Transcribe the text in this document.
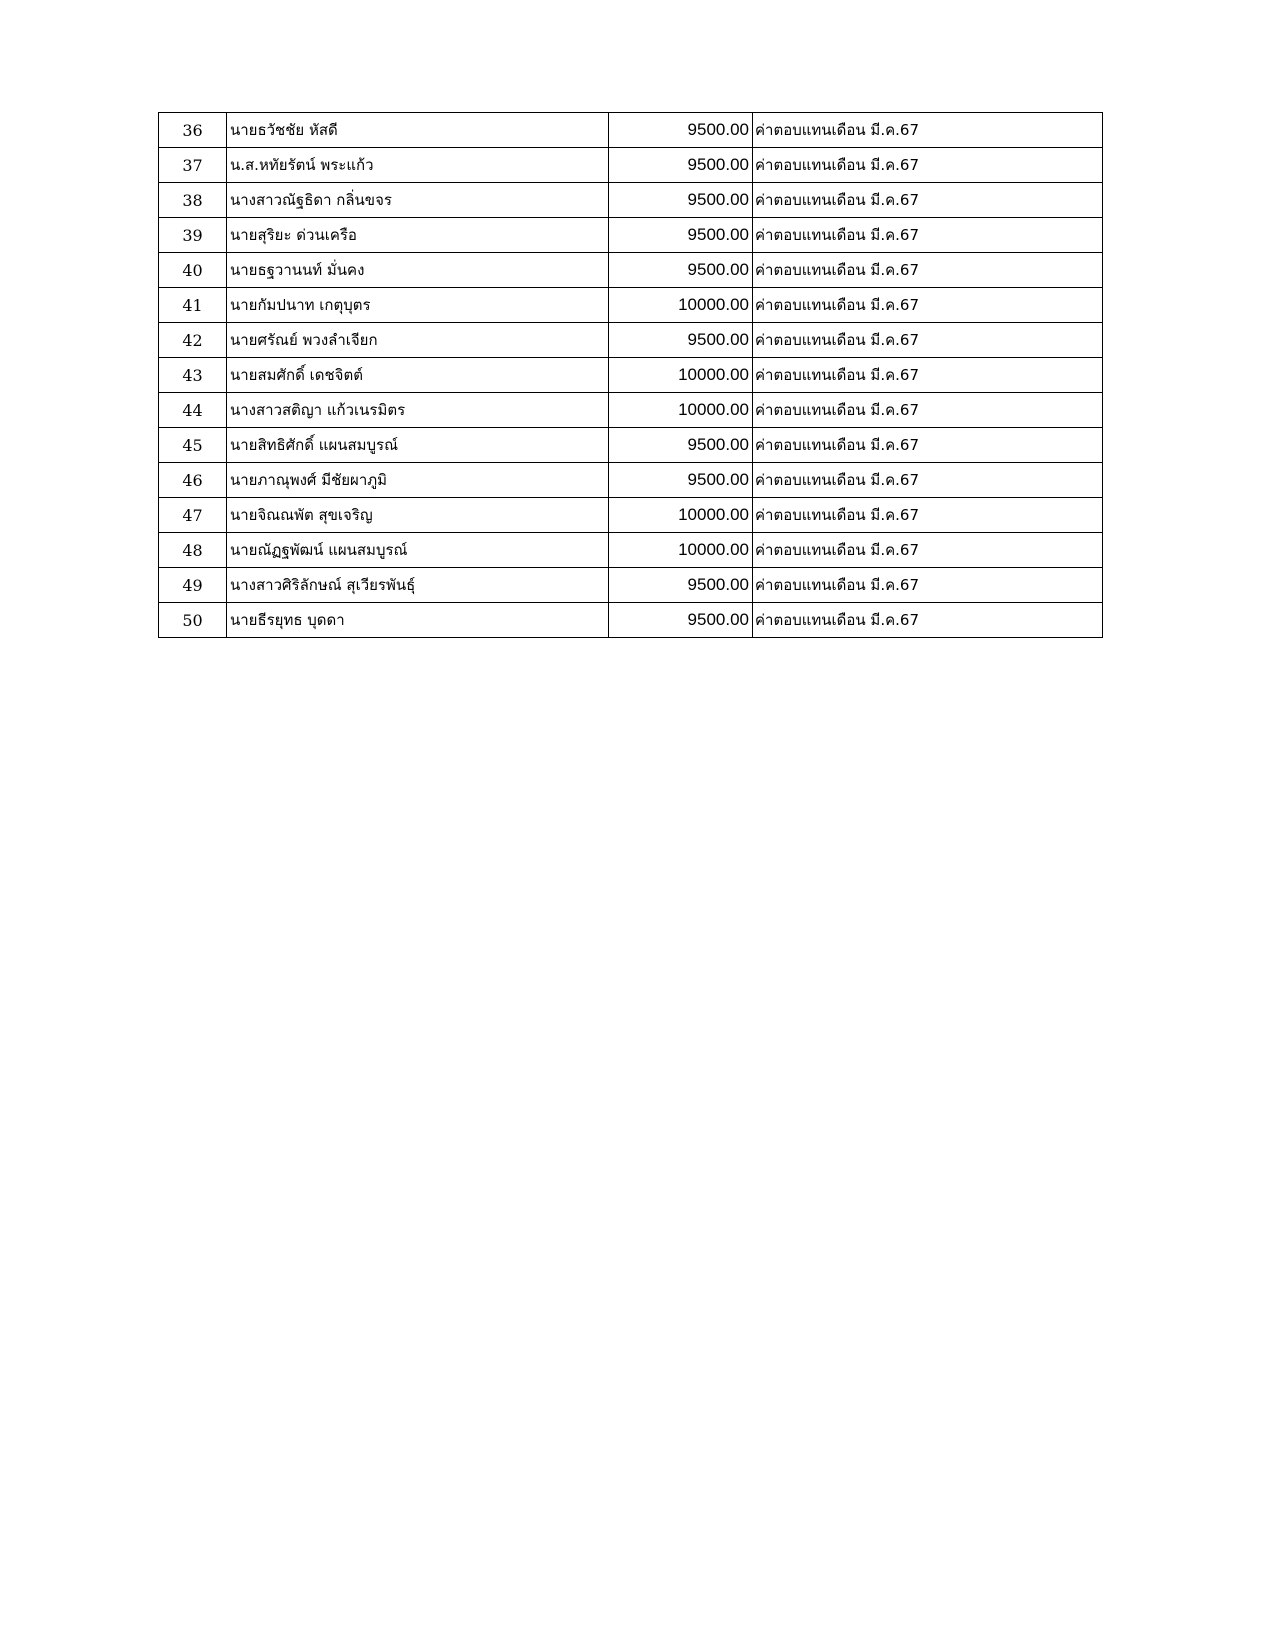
36	นายธวัชชัย หัสดี	9500.00	ค่าตอบแทนเดือน มี.ค.67
37	น.ส.หทัยรัตน์ พระแก้ว	9500.00	ค่าตอบแทนเดือน มี.ค.67
38	นางสาวณัฐธิดา กลิ่นขจร	9500.00	ค่าตอบแทนเดือน มี.ค.67
39	นายสุริยะ ด่วนเครือ	9500.00	ค่าตอบแทนเดือน มี.ค.67
40	นายธฐวานนท์ มั่นคง	9500.00	ค่าตอบแทนเดือน มี.ค.67
41	นายกัมปนาท เกตุบุตร	10000.00	ค่าตอบแทนเดือน มี.ค.67
42	นายศรัณย์ พวงลำเจียก	9500.00	ค่าตอบแทนเดือน มี.ค.67
43	นายสมศักดิ์ เดชจิตต์	10000.00	ค่าตอบแทนเดือน มี.ค.67
44	นางสาวสติญา แก้วเนรมิตร	10000.00	ค่าตอบแทนเดือน มี.ค.67
45	นายสิทธิศักดิ์ แผนสมบูรณ์	9500.00	ค่าตอบแทนเดือน มี.ค.67
46	นายภาณุพงศ์ มีชัยผาภูมิ	9500.00	ค่าตอบแทนเดือน มี.ค.67
47	นายจิณณพัต สุขเจริญ	10000.00	ค่าตอบแทนเดือน มี.ค.67
48	นายณัฏฐพัฒน์ แผนสมบูรณ์	10000.00	ค่าตอบแทนเดือน มี.ค.67
49	นางสาวศิริลักษณ์ สุเวียรพันธุ์	9500.00	ค่าตอบแทนเดือน มี.ค.67
50	นายธีรยุทธ บุดดา	9500.00	ค่าตอบแทนเดือน มี.ค.67
